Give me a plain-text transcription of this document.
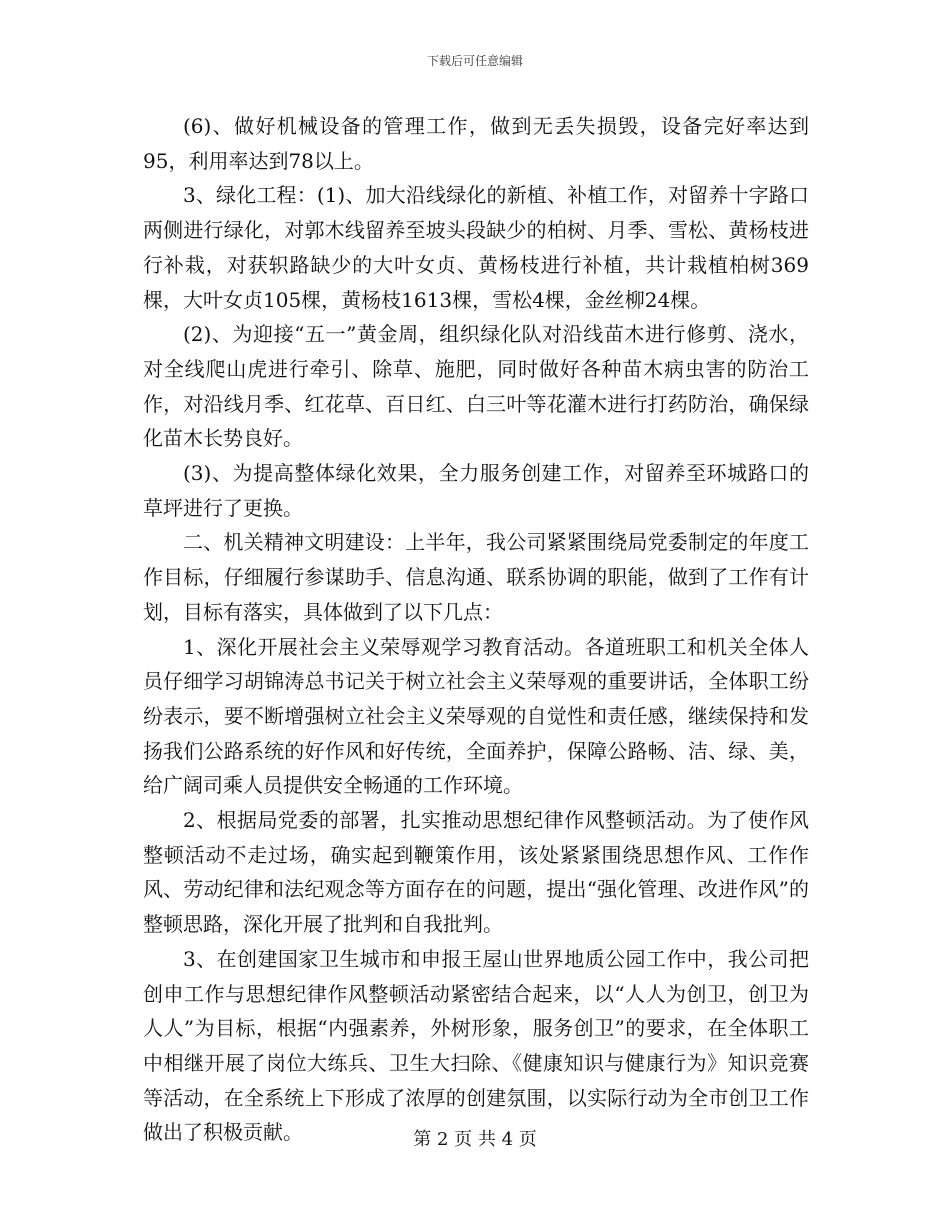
下载后可任意编辑

(6)、做好机械设备的管理工作，做到无丢失损毁，设备完好率达到95，利用率达到78以上。

3、绿化工程：(1)、加大沿线绿化的新植、补植工作，对留养十字路口两侧进行绿化，对郭木线留养至坡头段缺少的柏树、月季、雪松、黄杨枝进行补栽，对获轵路缺少的大叶女贞、黄杨枝进行补植，共计栽植柏树369棵，大叶女贞105棵，黄杨枝1613棵，雪松4棵，金丝柳24棵。

(2)、为迎接“五一”黄金周，组织绿化队对沿线苗木进行修剪、浇水，对全线爬山虎进行牵引、除草、施肥，同时做好各种苗木病虫害的防治工作，对沿线月季、红花草、百日红、白三叶等花灌木进行打药防治，确保绿化苗木长势良好。

(3)、为提高整体绿化效果，全力服务创建工作，对留养至环城路口的草坪进行了更换。

二、机关精神文明建设：上半年，我公司紧紧围绕局党委制定的年度工作目标，仔细履行参谋助手、信息沟通、联系协调的职能，做到了工作有计划，目标有落实，具体做到了以下几点：

1、深化开展社会主义荣辱观学习教育活动。各道班职工和机关全体人员仔细学习胡锦涛总书记关于树立社会主义荣辱观的重要讲话，全体职工纷纷表示，要不断增强树立社会主义荣辱观的自觉性和责任感，继续保持和发扬我们公路系统的好作风和好传统，全面养护，保障公路畅、洁、绿、美，给广阔司乘人员提供安全畅通的工作环境。

2、根据局党委的部署，扎实推动思想纪律作风整顿活动。为了使作风整顿活动不走过场，确实起到鞭策作用，该处紧紧围绕思想作风、工作作风、劳动纪律和法纪观念等方面存在的问题，提出“强化管理、改进作风”的整顿思路，深化开展了批判和自我批判。

3、在创建国家卫生城市和申报王屋山世界地质公园工作中，我公司把创申工作与思想纪律作风整顿活动紧密结合起来，以“人人为创卫，创卫为人人”为目标，根据“内强素养，外树形象，服务创卫”的要求，在全体职工中相继开展了岗位大练兵、卫生大扫除、《健康知识与健康行为》知识竞赛等活动，在全系统上下形成了浓厚的创建氛围，以实际行动为全市创卫工作做出了积极贡献。	第 2 页 共 4 页
